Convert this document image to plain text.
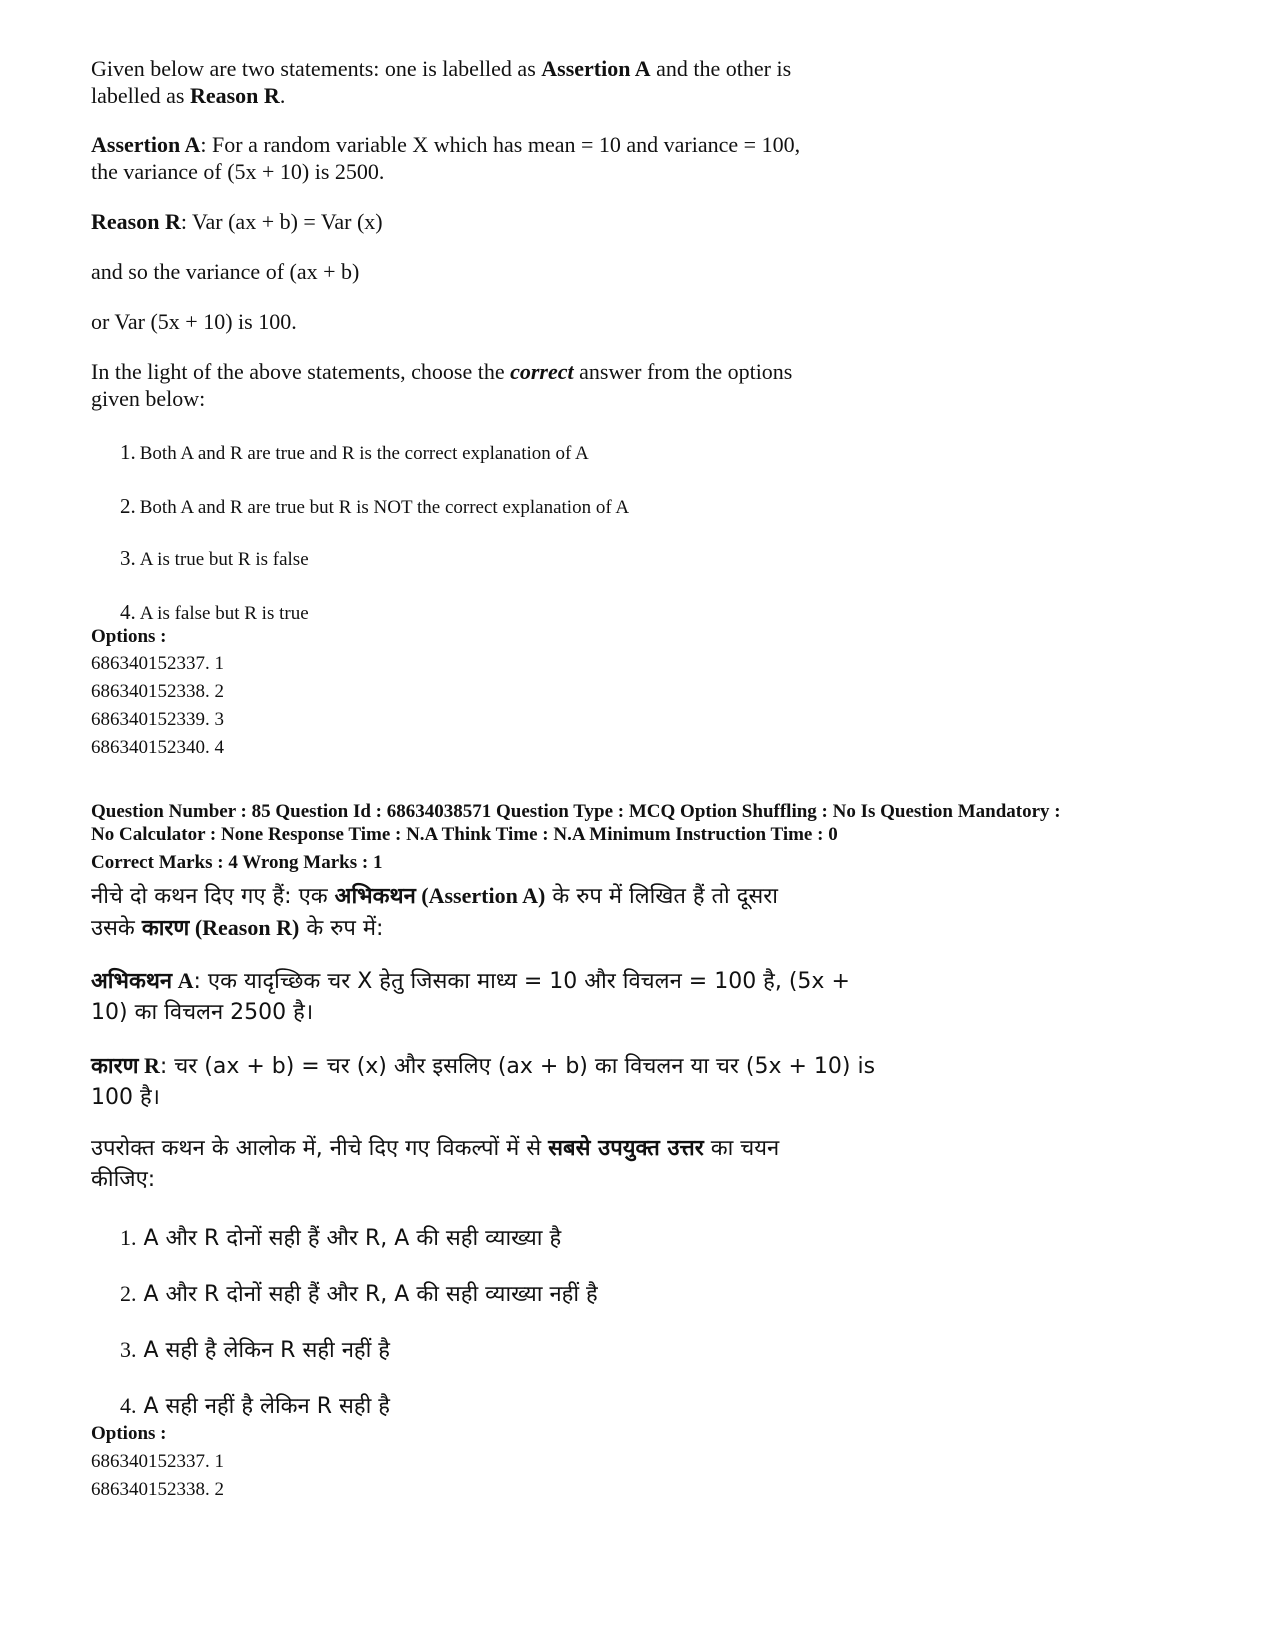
Given below are two statements: one is labelled as Assertion A and the other is

labelled as Reason R.

Assertion A: For a random variable X which has mean = 10 and variance = 100,

the variance of (5x + 10) is 2500.

Reason R: Var (ax + b) = Var (x)

and so the variance of (ax + b)

or Var (5x + 10) is 100.

In the light of the above statements, choose the correct answer from the options

given below:

1. Both A and R are true and R is the correct explanation of A
2. Both A and R are true but R is NOT the correct explanation of A
3. A is true but R is false
4. A is false but R is true
Options :
686340152337. 1
686340152338. 2
686340152339. 3
686340152340. 4
Question Number : 85 Question Id : 68634038571 Question Type : MCQ Option Shuffling : No Is Question Mandatory :
No Calculator : None Response Time : N.A Think Time : N.A Minimum Instruction Time : 0
Correct Marks : 4 Wrong Marks : 1
नीचे दो कथन दिए गए हैं: एक अभिकथन (Assertion A) के रुप में लिखित हैं तो दूसरा
उसके कारण (Reason R) के रुप में:
अभिकथन A: एक यादृच्छिक चर X हेतु जिसका माध्य = 10 और विचलन = 100 है, (5x +
10) का विचलन 2500 है।
कारण R: चर (ax + b) = चर (x) और इसलिए (ax + b) का विचलन या चर (5x + 10) is
100 है।
उपरोक्त कथन के आलोक में, नीचे दिए गए विकल्पों में से सबसे उपयुक्त उत्तर का चयन
कीजिए:
1. A और R दोनों सही हैं और R, A की सही व्याख्या है
2. A और R दोनों सही हैं और R, A की सही व्याख्या नहीं है
3. A सही है लेकिन R सही नहीं है
4. A सही नहीं है लेकिन R सही है
Options :
686340152337. 1
686340152338. 2
